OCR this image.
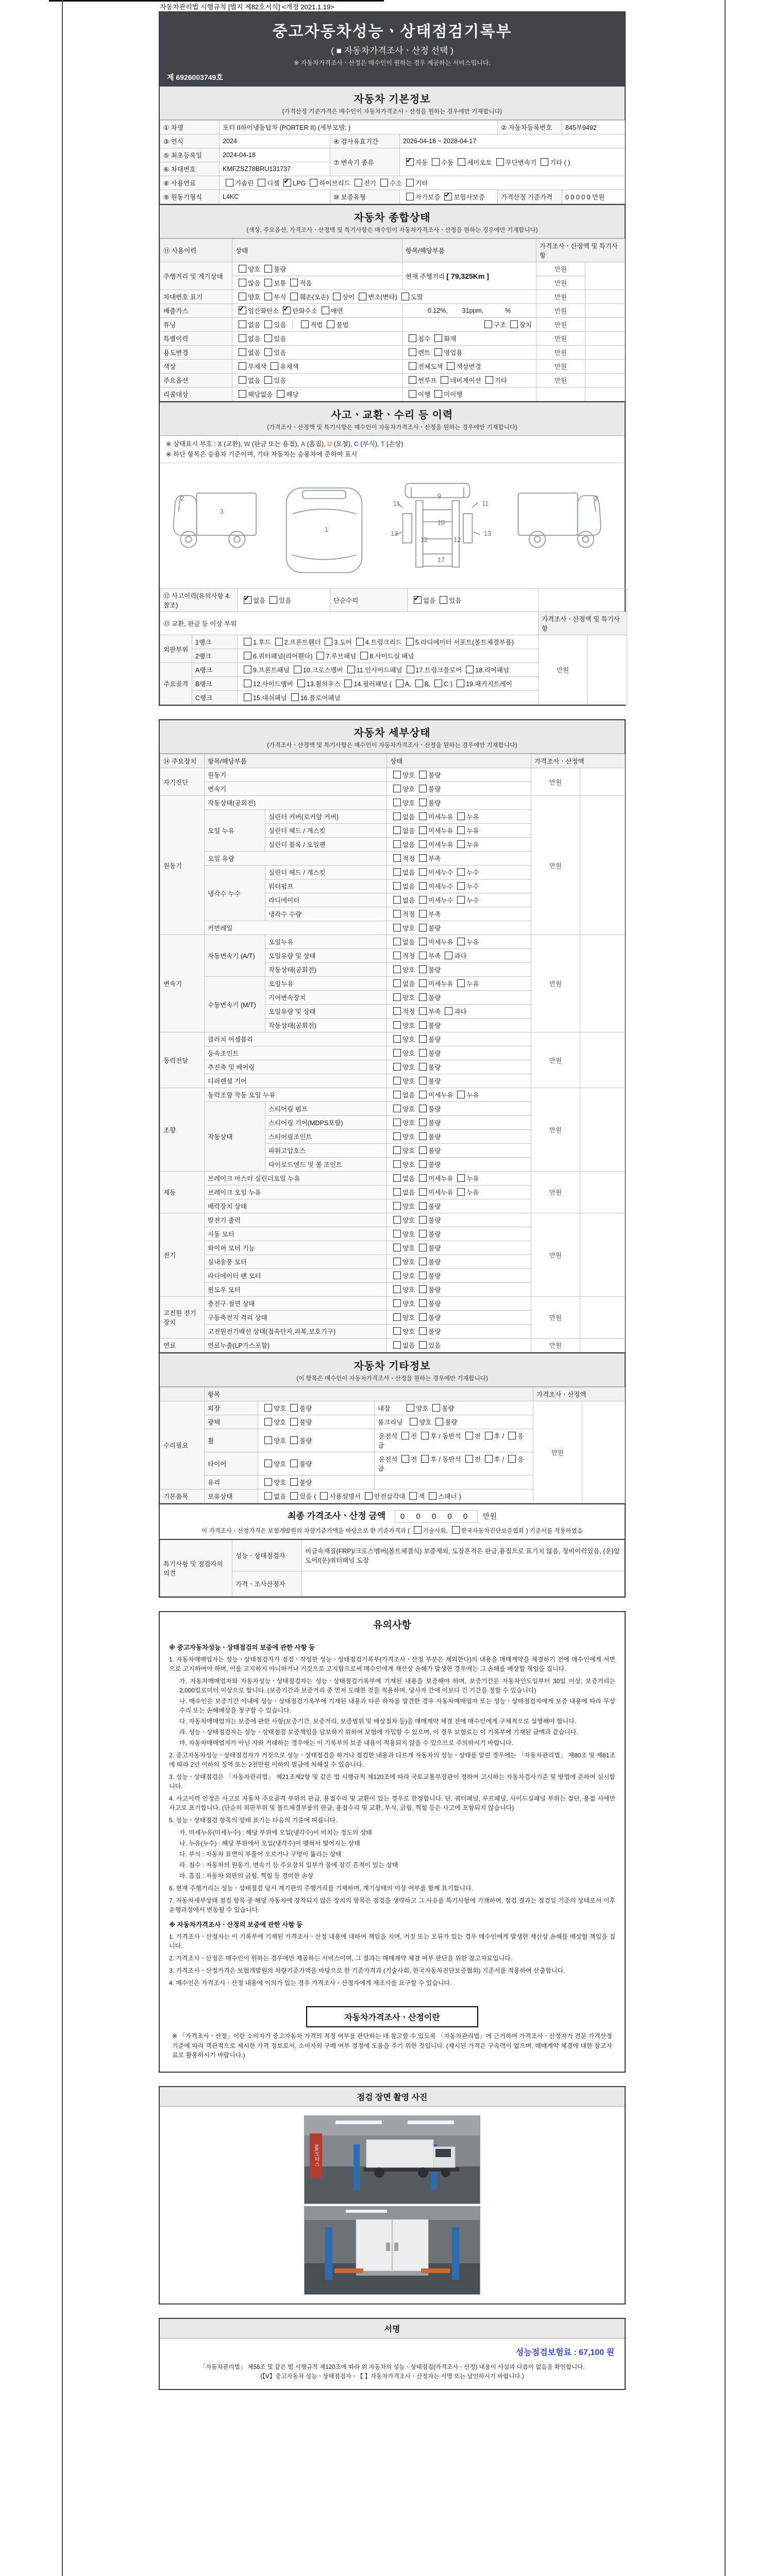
자동차관리법 시행규칙 [별지 제82호서식] <개정 2021.1.19>
중고자동차성능ㆍ상태점검기록부
( ■ 자동차가격조사ㆍ산정 선택 )
※ 자동차가격조사ㆍ산정은 매수인이 원하는 경우 제공하는 서비스입니다.
제 6926003749호
자동차 기본정보
(가격산정 기준가격은 매수인이 자동차가격조사ㆍ산정을 원하는 경우에만 기재합니다)
① 차명	포터 II하이냉동탑차 (PORTER II) (세부모델: )			② 자동차등록번호	845부9492
③ 연식	2024	④ 검사유효기간	2026-04-18 ~ 2028-04-17		
⑤ 최초등록일	2024-04-18	⑦ 변속기 종류	✔자동 수동 세미오토 무단변속기 기타 ( )
⑥ 차대번호	KMFZSZ78BRU131737				
⑧ 사용연료	가솔린 디젤 ✔ LPG 하이브리드 전기 수소 기타
⑨ 원동기형식	L4KC	⑩ 보증유형	자가보증 ✔ 보험사보증	가격산정 기준가격	0 0 0 0 0 만원
자동차 종합상태
(색상, 주요옵션, 가격조사ㆍ산정액 및 특기사항은 매수인이 자동차가격조사ㆍ산정을 원하는 경우에만 기재합니다)
⑪ 사용이력	상태	항목/해당부품	가격조사ㆍ산정액 및 특기사항	
주행거리 및 계기상태	양호 불량	현재 주행거리 [ 79,325Km ]	만원	
	많음 보통 적음		만원	
차대번호 표기	양호 부식 훼손(오손) 상이 변조(변타) 도말		만원	
배출가스	✔일산화탄소 ✔ 탄화수소 매연	0.12%,        31ppm,            %	만원	
튜닝	없음 있음 적법 불법	구조 장치	만원	
특별이력	없음 있음	침수 화재	만원	
용도변경	없음 있음	렌트 영업용	만원	
색상	무채색 유채색	전체도색 색상변경	만원	
주요옵션	없음 있음	썬루프 네비게이션 기타	만원	
리콜대상	해당없음 해당	이행 미이행		
사고ㆍ교환ㆍ수리 등 이력
(가격조사ㆍ산정액 및 특기사항은 매수인이 자동차가격조사ㆍ산정을 원하는 경우에만 기재합니다)
※ 상태표시 부호 : X (교환), W (판금 또는 용접), A (흠집), U (요철), C (부식), T (손상)
※ 하단 항목은 승용차 기준이며, 기타 자동차는 승용차에 준하여 표시
2
3
1
11	11
9
12	12
13	13
10
17
2
⑫ 사고이력(유의사항 4.참조)	✔없음 있음	단순수리	✔없음 있음	
⑬ 교환, 판금 등 이상 부위					가격조사ㆍ산정액 및 특기사항	
외판부위	1랭크	1.후드 2.프론트휀더 3.도어 4.트렁크리드 5.라디에이터 서포트(볼트체결부품)			만원	
	2랭크	6.쿼터패널(리어휀다) 7.루브패널 8.사이드실 패널				
주요골격	A랭크	9.프론트패널 10.크로스멤버 11.인사이드패널 17.트렁크플로어 18.리어패널				
	B랭크	12.사이드멤버 13.휠하우스 14.필러패널 ( A, B, C ) 19.패키지트레이				
	C랭크	15.대쉬패널 16.플로어패널				
자동차 세부상태
(가격조사ㆍ산정액 및 특기사항은 매수인이 자동차가격조사ㆍ산정을 원하는 경우에만 기재합니다)
⑭ 주요장치	항목/해당부품		상태	가격조사ㆍ산정액	
자기진단	원동기		양호 불량	만원	
	변속기		양호 불량		
원동기	작동상태(공회전)		양호 불량	만원	
	오일 누유	실린더 커버(로커암 커버)	없음 미세누유 누유		
		실린더 헤드 / 개스킷	없음 미세누유 누유		
		실린더 블록 / 오일팬	없음 미세누유 누유		
	오일 유량		적정 부족		
	냉각수 누수	실린더 헤드 / 개스킷	없음 미세누수 누수		
		워터펌프	없음 미세누수 누수		
		라디에이터	없음 미세누수 누수		
		냉각수 수량	적정 부족		
	커먼레일		양호 불량		
변속기	자동변속기 (A/T)	오일누유	없음 미세누유 누유	만원	
		오일유량 및 상태	적정 부족 과다		
		작동상태(공회전)	양호 불량		
	수동변속기 (M/T)	오일누유	없음 미세누유 누유		
		기어변속장치	양호 불량		
		오일유량 및 상태	적정 부족 과다		
		작동상태(공회전)	양호 불량		
동력전달	클러치 어셈블리		양호 불량	만원	
	등속조인트		양호 불량		
	추진축 및 베어링		양호 불량		
	디퍼렌셜 기어		양호 불량		
조향	동력조향 작동 오일 누유		없음 미세누유 누유	만원	
	작동상태	스티어링 펌프	양호 불량		
		스티어링 기어(MDPS포함)	양호 불량		
		스티어링조인트	양호 불량		
		파워고압호스	양호 불량		
		타이로드엔드 및 볼 조인트	양호 불량		
제동	브레이크 마스터 실린더오일 누유		없음 미세누유 누유	만원	
	브레이크 오일 누유		없음 미세누유 누유		
	배력장치 상태		양호 불량		
전기	발전기 출력		양호 불량	만원	
	시동 모터		양호 불량		
	와이퍼 모터 기능		양호 불량		
	실내송풍 모터		양호 불량		
	라디에이터 팬 모터		양호 불량		
	윈도우 모터		양호 불량		
고전원 전기장치	충전구 절연 상태		양호 불량	만원	
	구동축전지 격리 상태		양호 불량		
	고전원전기배선 상태(접속단자,피복,보호기구)		양호 불량		
연료	연료누출(LP가스포함)		없음 있음	만원	
자동차 기타정보
(이 항목은 매수인이 자동차가격조사ㆍ산정을 원하는 경우에만 기재합니다)
	항목			가격조사ㆍ산정액	
수리필요	외장	양호 불량	내장 양호 불량	만원	
	광택	양호 불량	룸크리닝 양호 불량		
	휠	양호 불량	운전석 전 후 / 동반석 전 후 / 응급		
	타이어	양호 불량	운전석 전 후 / 동반석 전 후 / 응급		
	유리	양호 불량			
기본품목	보유상태	없음 있음 ( 사용설명서 안전삼각대 잭 스패너 )			
최종 가격조사ㆍ산정 금액 0 0 0 0 0 만원
이 가격조사ㆍ산정가격은 보험개발원의 차량기준가액을 바탕으로 한 기준가격과 ( 기술사회, 한국자동차진단보증협회 ) 기준서를 적용하였음
특기사항 및 점검자의 의견	성능ㆍ상태점검자	비금속재질(FRP)/크로스멤버(볼트체결식) 보증제외, 도장흔적은 판금,용접으로 표기치 않음, 정비이력있음, (운)앞도어/(운)쿼터패널 도장
	가격ㆍ조사산정자	
유의사항
※ 중고자동차성능ㆍ상태점검의 보증에 관한 사항 등
1. 자동차매매업자는 성능ㆍ상태점검자가 점검ㆍ작성한 성능ㆍ상태점검기록부(가격조사ㆍ산정 부분은 제외한다)의 내용을 매매계약을 체결하기 전에 매수인에게 서면으로 고지하여야 하며, 이를 고지하지 아니하거나 거짓으로 고지함으로써 매수인에게 재산상 손해가 발생한 경우에는 그 손해를 배상할 책임을 집니다.
가. 자동차매매업자와 자동차성능ㆍ상태점검자는 성능ㆍ상태점검기록부에 기재된 내용을 보증해야 하며, 보증기간은 자동차인도일부터 30일 이상, 보증거리는 2,000킬로미터 이상으로 합니다. (보증기간과 보증거리 중 먼저 도래한 것을 적용하며, 당사자 간에 이보다 긴 기간을 정할 수 있습니다)
나. 매수인은 보증기간 이내에 성능ㆍ상태점검기록부에 기재된 내용과 다른 하자를 발견한 경우 자동차매매업자 또는 성능ㆍ상태점검자에게 보증 내용에 따라 무상수리 또는 손해배상을 청구할 수 있습니다.
다. 자동차매매업자는 보증에 관한 사항(보증기간, 보증거리, 보증범위 및 배상절차 등)을 매매계약 체결 전에 매수인에게 구체적으로 설명해야 합니다.
라. 성능ㆍ상태점검자는 성능ㆍ상태점검 보증책임을 담보하기 위하여 보험에 가입할 수 있으며, 이 경우 보험료는 이 기록부에 기재된 금액과 같습니다.
마. 자동차매매업자가 아닌 자와 거래하는 경우에는 이 기록부의 보증 내용이 적용되지 않을 수 있으므로 주의하시기 바랍니다.
2. 중고자동차성능ㆍ상태점검자가 거짓으로 성능ㆍ상태점검을 하거나 점검한 내용과 다르게 자동차의 성능ㆍ상태를 알린 경우에는 「자동차관리법」 제80조 및 제81조에 따라 2년 이하의 징역 또는 2천만원 이하의 벌금에 처해질 수 있습니다.
3. 성능ㆍ상태점검은 「자동차관리법」 제21조제2항 및 같은 법 시행규칙 제120조에 따라 국토교통부장관이 정하여 고시하는 자동차검사기준 및 방법에 준하여 실시합니다.
4. 사고이력 인정은 사고로 자동차 주요골격 부위의 판금, 용접수리 및 교환이 있는 경우로 한정합니다. 단, 쿼터패널, 루프패널, 사이드실패널 부위는 절단, 용접 시에만 사고로 표기합니다. (단순히 외판부위 및 볼트체결부품의 판금, 용접수리 및 교환, 부식, 긁힘, 찍힘 등은 사고에 포함되지 않습니다)
5. 성능ㆍ상태점검 항목의 상태 표기는 다음의 기준에 따릅니다.
가. 미세누유(미세누수) : 해당 부위에 오일(냉각수)이 비치는 정도의 상태
나. 누유(누수) : 해당 부위에서 오일(냉각수)이 맺혀서 떨어지는 상태
다. 부식 : 자동차 표면이 부풀어 오르거나 구멍이 뚫리는 상태
라. 침수 : 자동차의 원동기, 변속기 등 주요장치 일부가 물에 잠긴 흔적이 있는 상태
마. 흠집 : 자동차 외판의 긁힘, 찍힘 등 경미한 손상
6. 현재 주행거리는 성능ㆍ상태점검 당시 계기판의 주행거리를 기재하며, 계기상태의 이상 여부를 함께 표기합니다.
7. 자동차세부상태 점검 항목 중 해당 자동차에 장착되지 않은 장치의 항목은 점검을 생략하고 그 사유를 특기사항에 기재하며, 점검 결과는 점검일 기준의 상태로서 이후 운행과정에서 변동될 수 있습니다.
※ 자동차가격조사ㆍ산정의 보증에 관한 사항 등
1. 가격조사ㆍ산정자는 이 기록부에 기재된 가격조사ㆍ산정 내용에 대하여 책임을 지며, 거짓 또는 오류가 있는 경우 매수인에게 발생한 재산상 손해를 배상할 책임을 집니다.
2. 가격조사ㆍ산정은 매수인이 원하는 경우에만 제공하는 서비스이며, 그 결과는 매매계약 체결 여부 판단을 위한 참고자료입니다.
3. 가격조사ㆍ산정가격은 보험개발원의 차량기준가액을 바탕으로 한 기준가격과 (기술사회, 한국자동차진단보증협회) 기준서를 적용하여 산출합니다.
4. 매수인은 가격조사ㆍ산정 내용에 이의가 있는 경우 가격조사ㆍ산정자에게 재조사를 요구할 수 있습니다.
자동차가격조사ㆍ산정이란
※ 「가격조사ㆍ산정」이란 소비자가 중고자동차 가격의 적정 여부를 판단하는 데 참고할 수 있도록 「자동차관리법」에 근거하여 가격조사ㆍ산정자가 전문 가격산정 기준에 따라 객관적으로 제시한 가격 정보로서, 소비자의 구매 여부 결정에 도움을 주기 위한 것입니다. (제시된 가격은 구속력이 없으며, 매매계약 체결에 대한 참고자료로 활용하시기 바랍니다.)
점검 장면 촬영 사진
NK모터스
서명
성능점검보험료 : 67,100 원
「자동차관리법」 제58조 및 같은 법 시행규칙 제120조에 따라 위 자동차의 성능ㆍ상태점검(가격조사ㆍ산정) 내용이 사실과 다름이 없음을 확인합니다.
(【Ⅴ】중고자동차 성능ㆍ상태점검자ㆍ【 】자동차가격조사ㆍ산정자는 서명 또는 날인하시기 바랍니다.)
